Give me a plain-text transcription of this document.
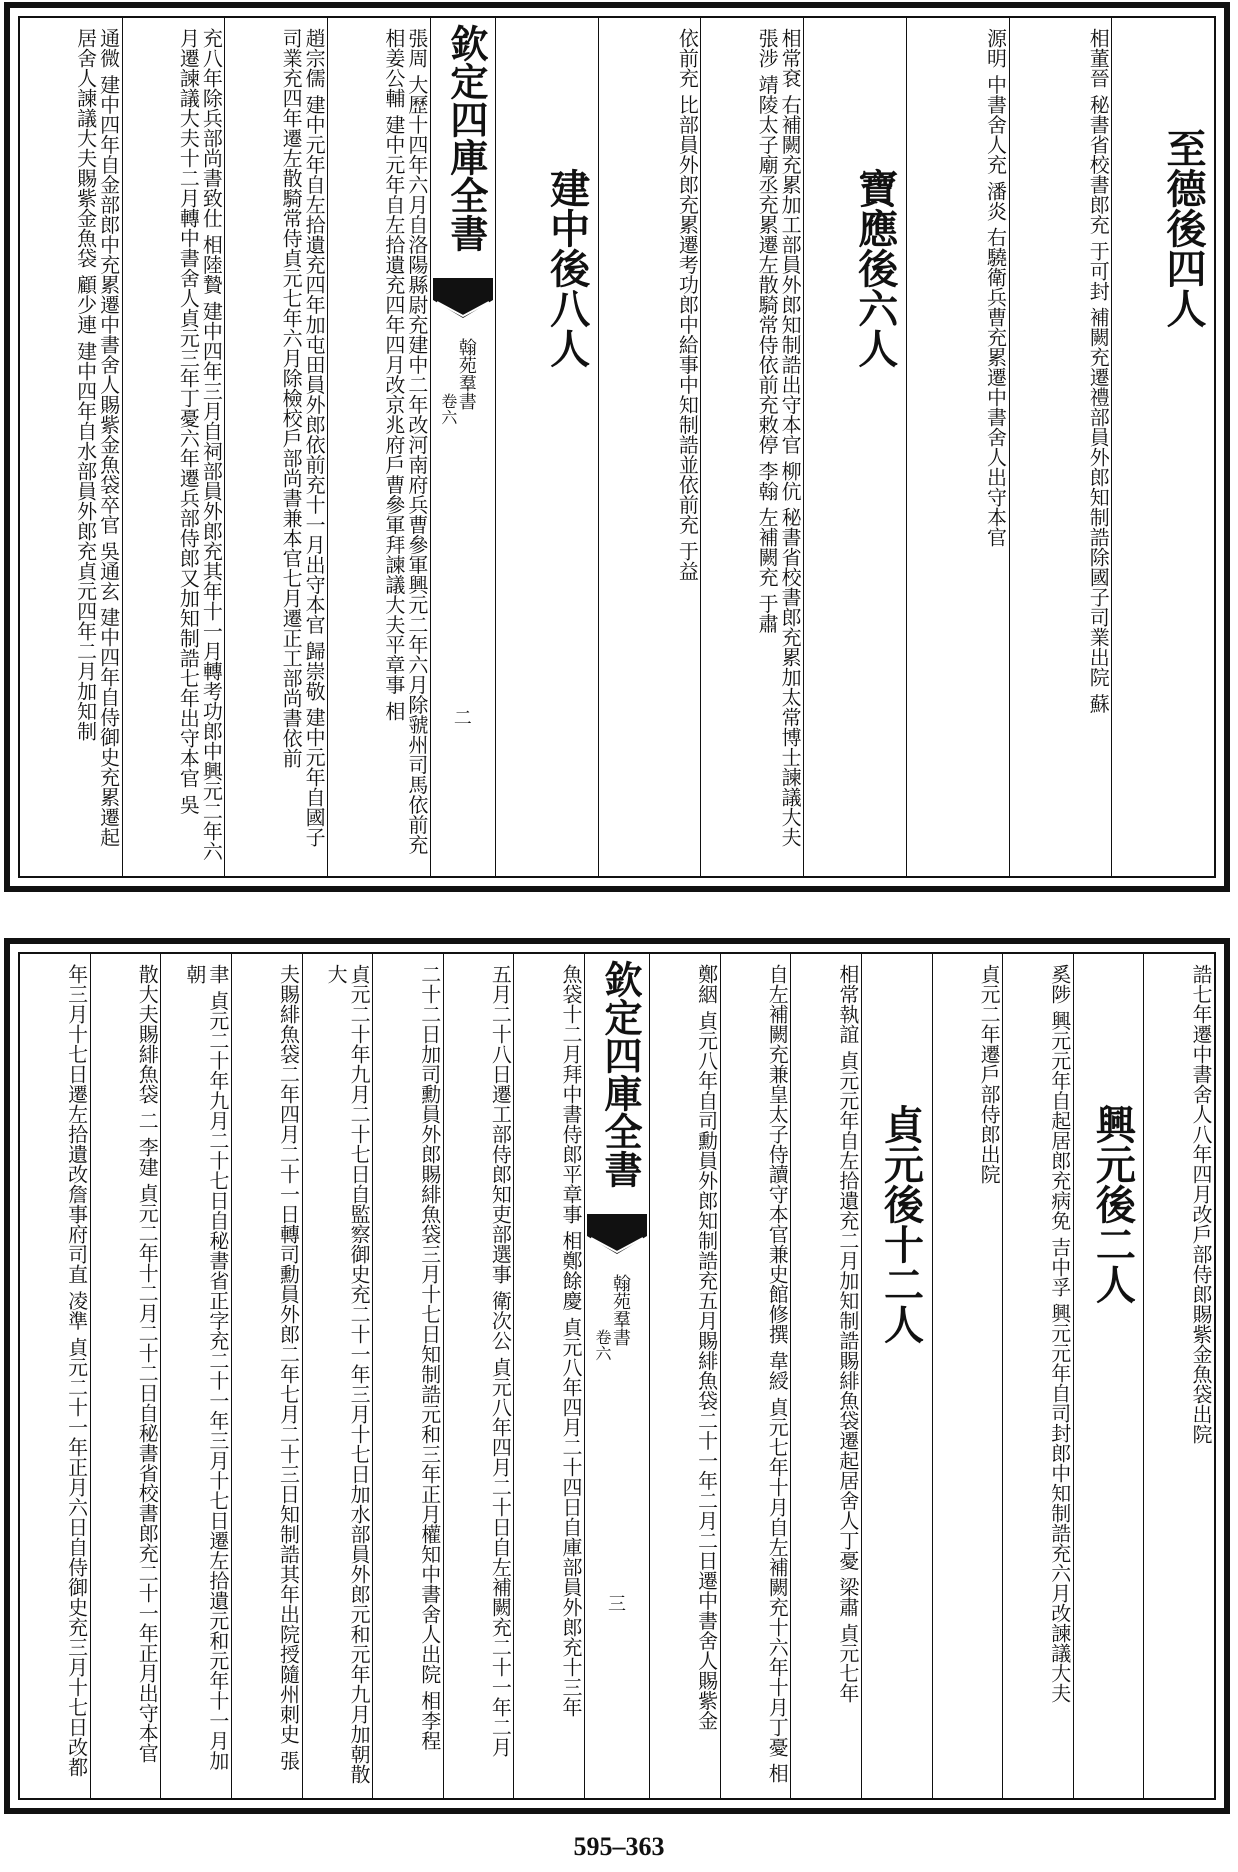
至德後四人
相董晉 秘書省校書郎充 于可封 補闕充遷禮部員外郎知制誥除國子司業出院 蘇
源明 中書舍人充 潘炎 右驍衛兵曹充累遷中書舍人出守本官
寶應後六人
相常袞 右補闕充累加工部員外郎知制誥出守本官 柳伉 秘書省校書郎充累加太常博士諫議大夫 張涉 靖陵太子廟丞充累遷左散騎常侍依前充敕停 李翰 左補闕充 于肅
依前充 比部員外郎充累遷考功郎中給事中知制誥並依前充 于益
建中後八人
欽定四庫全書
翰苑羣書
卷六
二
張周 大歷十四年六月自洛陽縣尉充建中二年改河南府兵曹參軍興元二年六月除虢州司馬依前充 相姜公輔 建中元年自左拾遺充四年四月改京兆府戶曹參軍拜諫議大夫平章事 相
趙宗儒 建中元年自左拾遺充四年加屯田員外郎依前充十一月出守本官 歸崇敬 建中元年自國子司業充四年遷左散騎常侍貞元七年六月除檢校戶部尚書兼本官七月遷正工部尚書依前
充八年除兵部尚書致仕 相陸贄 建中四年三月自祠部員外郎充其年十一月轉考功郎中興元二年六月遷諫議大夫十二月轉中書舍人貞元三年丁憂六年遷兵部侍郎又加知制誥七年出守本官 吳
通微 建中四年自金部郎中充累遷中書舍人賜紫金魚袋卒官 吳通玄 建中四年自侍御史充累遷起居舍人諫議大夫賜紫金魚袋 顧少連 建中四年自水部員外郎充貞元四年二月加知制
誥七年遷中書舍人八年四月改戶部侍郎賜紫金魚袋出院
興元後二人
奚陟 興元元年自起居郎充病免 吉中孚 興元元年自司封郎中知制誥充六月改諫議大夫
貞元二年遷戶部侍郎出院
貞元後十二人
相常執誼 貞元元年自左拾遺充二月加知制誥賜緋魚袋遷起居舍人丁憂 梁肅 貞元七年
自左補闕充兼皇太子侍讀守本官兼史館修撰 韋綬 貞元七年十月自左補闕充十六年十月丁憂 相
鄭絪 貞元八年自司勳員外郎知制誥充五月賜緋魚袋二十一年二月二日遷中書舍人賜紫金
欽定四庫全書
翰苑羣書
卷六
三
魚袋十二月拜中書侍郎平章事 相鄭餘慶 貞元八年四月二十四日自庫部員外郎充十三年
五月二十八日遷工部侍郎知吏部選事 衛次公 貞元八年四月二十日自左補闕充二十一年二月
二十二日加司勳員外郎賜緋魚袋三月十七日知制誥元和三年正月權知中書舍人出院 相李程
貞元二十年九月二十七日自監察御史充二十一年三月十七日加水部員外郎元和元年九月加朝散大
夫賜緋魚袋二年四月二十一日轉司勳員外郎二年七月二十三日知制誥其年出院授隨州刺史 張
聿 貞元二十年九月二十七日自秘書省正字充二十一年三月十七日遷左拾遺元和元年十一月加朝
散大夫賜緋魚袋 二 李建 貞元二年十二月二十二日自秘書省校書郎充二十一年正月出守本官
年三月十七日遷左拾遺改詹事府司直 凌準 貞元二十一年正月六日自侍御史充三月十七日改都
595–363
